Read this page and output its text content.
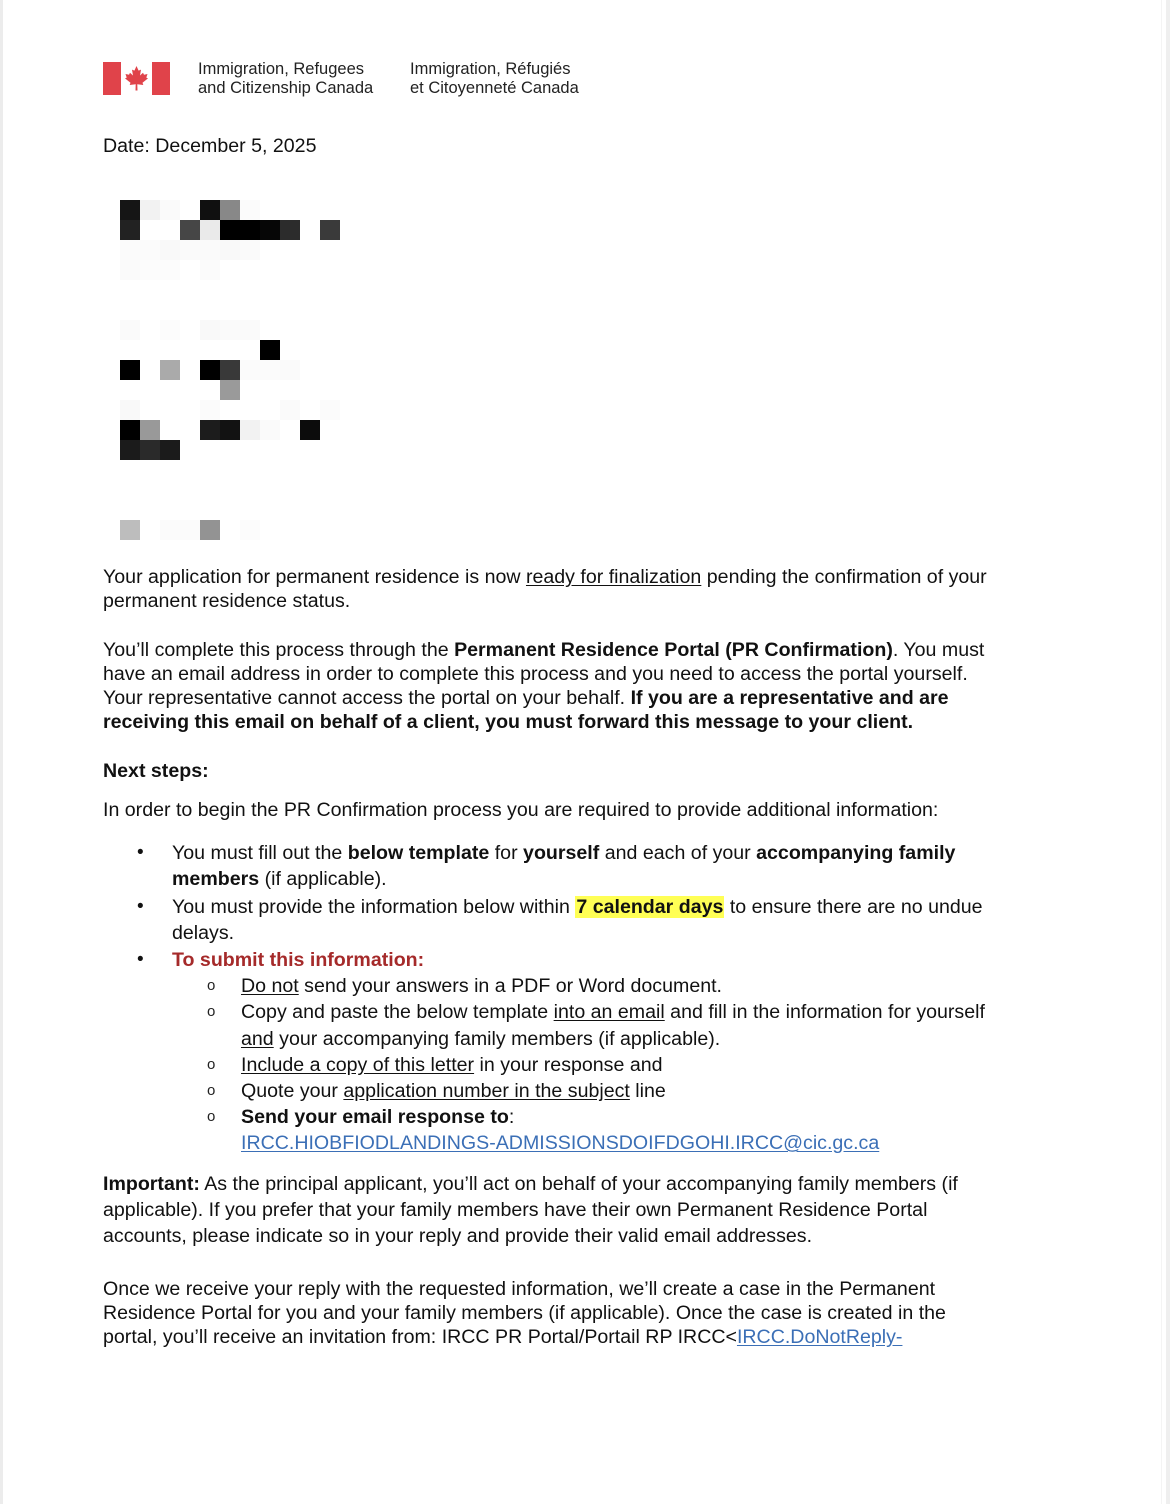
Immigration, Refugees
and Citizenship Canada
Immigration, Réfugiés
et Citoyenneté Canada
Date: December 5, 2025
Your application for permanent residence is now ready for finalization pending the confirmation of your
permanent residence status.
You’ll complete this process through the Permanent Residence Portal (PR Confirmation). You must
have an email address in order to complete this process and you need to access the portal yourself.
Your representative cannot access the portal on your behalf. If you are a representative and are
receiving this email on behalf of a client, you must forward this message to your client.
Next steps:
In order to begin the PR Confirmation process you are required to provide additional information:
• You must fill out the below template for yourself and each of your accompanying family
members (if applicable).
• You must provide the information below within 7 calendar days to ensure there are no undue
delays.
• To submit this information:
o Do not send your answers in a PDF or Word document.
o Copy and paste the below template into an email and fill in the information for yourself
and your accompanying family members (if applicable).
o Include a copy of this letter in your response and
o Quote your application number in the subject line
o Send your email response to:
IRCC.HIOBFIODLANDINGS-ADMISSIONSDOIFDGOHI.IRCC@cic.gc.ca
Important: As the principal applicant, you’ll act on behalf of your accompanying family members (if
applicable). If you prefer that your family members have their own Permanent Residence Portal
accounts, please indicate so in your reply and provide their valid email addresses.
Once we receive your reply with the requested information, we’ll create a case in the Permanent
Residence Portal for you and your family members (if applicable). Once the case is created in the
portal, you’ll receive an invitation from: IRCC PR Portal/Portail RP IRCC<IRCC.DoNotReply-
